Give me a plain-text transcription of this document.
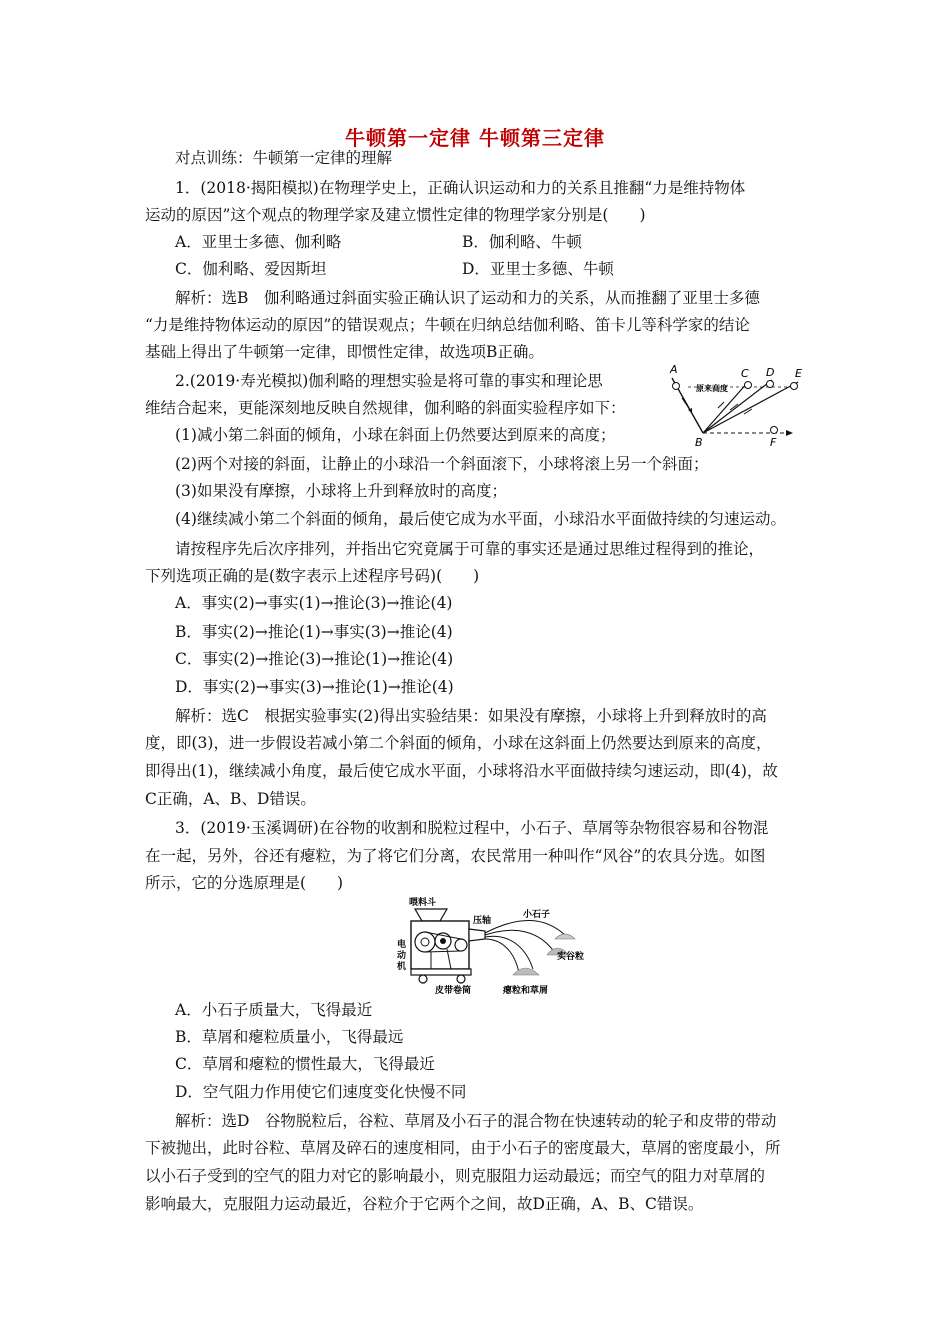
牛顿第一定律 牛顿第三定律
对点训练：牛顿第一定律的理解
1．(2018·揭阳模拟)在物理学史上，正确认识运动和力的关系且推翻“力是维持物体
运动的原因”这个观点的物理学家及建立惯性定律的物理学家分别是(　　)
A．亚里士多德、伽利略	B．伽利略、牛顿
C．伽利略、爱因斯坦	D．亚里士多德、牛顿
解析：选B　伽利略通过斜面实验正确认识了运动和力的关系，从而推翻了亚里士多德
“力是维持物体运动的原因”的错误观点；牛顿在归纳总结伽利略、笛卡儿等科学家的结论
基础上得出了牛顿第一定律，即惯性定律，故选项B正确。
2.(2019·寿光模拟)伽利略的理想实验是将可靠的事实和理论思
维结合起来，更能深刻地反映自然规律，伽利略的斜面实验程序如下：
(1)减小第二斜面的倾角，小球在斜面上仍然要达到原来的高度；
(2)两个对接的斜面，让静止的小球沿一个斜面滚下，小球将滚上另一个斜面；
(3)如果没有摩擦，小球将上升到释放时的高度；
(4)继续减小第二个斜面的倾角，最后使它成为水平面，小球沿水平面做持续的匀速运动。
请按程序先后次序排列，并指出它究竟属于可靠的事实还是通过思维过程得到的推论，
下列选项正确的是(数字表示上述程序号码)(　　)
A．事实(2)→事实(1)→推论(3)→推论(4)
B．事实(2)→推论(1)→事实(3)→推论(4)
C．事实(2)→推论(3)→推论(1)→推论(4)
D．事实(2)→事实(3)→推论(1)→推论(4)
解析：选C　根据实验事实(2)得出实验结果：如果没有摩擦，小球将上升到释放时的高
度，即(3)，进一步假设若减小第二个斜面的倾角，小球在这斜面上仍然要达到原来的高度，
即得出(1)，继续减小角度，最后使它成水平面，小球将沿水平面做持续匀速运动，即(4)，故
C正确，A、B、D错误。
A
B
C D E
F
原来高度
3．(2019·玉溪调研)在谷物的收割和脱粒过程中，小石子、草屑等杂物很容易和谷物混
在一起，另外，谷还有瘪粒，为了将它们分离，农民常用一种叫作“风谷”的农具分选。如图
所示，它的分选原理是(　　)
喂料斗
压轴
小石子
实谷粒
电
动
机
皮带卷筒	瘪粒和草屑
A．小石子质量大，飞得最近
B．草屑和瘪粒质量小，飞得最远
C．草屑和瘪粒的惯性最大，飞得最近
D．空气阻力作用使它们速度变化快慢不同
解析：选D　谷物脱粒后，谷粒、草屑及小石子的混合物在快速转动的轮子和皮带的带动
下被抛出，此时谷粒、草屑及碎石的速度相同，由于小石子的密度最大，草屑的密度最小，所
以小石子受到的空气的阻力对它的影响最小，则克服阻力运动最远；而空气的阻力对草屑的
影响最大，克服阻力运动最近，谷粒介于它两个之间，故D正确，A、B、C错误。
